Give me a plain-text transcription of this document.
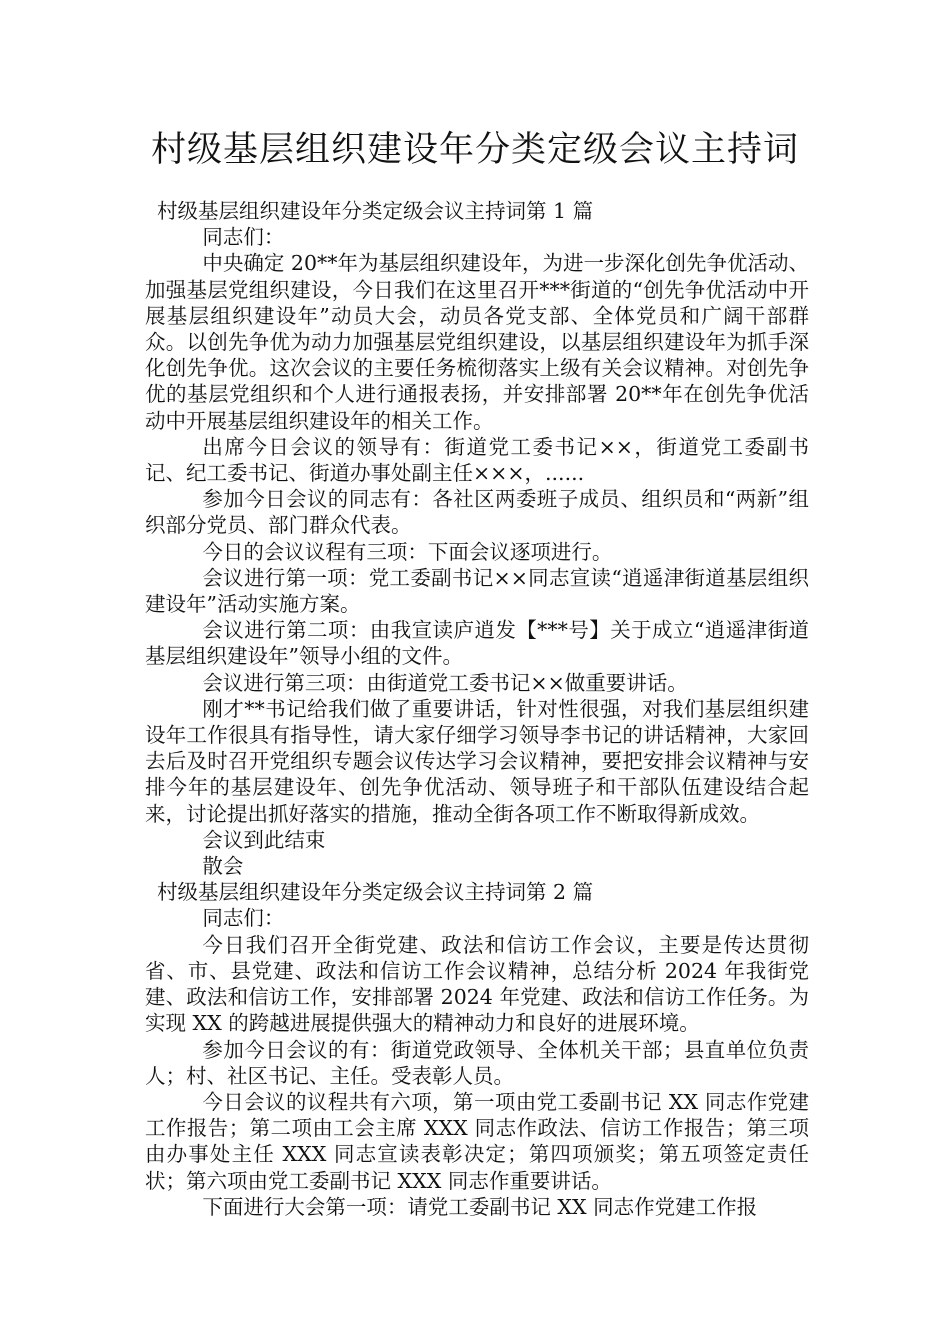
村级基层组织建设年分类定级会议主持词

村级基层组织建设年分类定级会议主持词第 1 篇

同志们：

中央确定 20**年为基层组织建设年，为进一步深化创先争优活动、加强基层党组织建设，今日我们在这里召开***街道的“创先争优活动中开展基层组织建设年”动员大会，动员各党支部、全体党员和广阔干部群众。以创先争优为动力加强基层党组织建设，以基层组织建设年为抓手深化创先争优。这次会议的主要任务梳彻落实上级有关会议精神。对创先争优的基层党组织和个人进行通报表扬，并安排部署 20**年在创先争优活动中开展基层组织建设年的相关工作。

出席今日会议的领导有：街道党工委书记××，街道党工委副书记、纪工委书记、街道办事处副主任×××，......

参加今日会议的同志有：各社区两委班子成员、组织员和“两新”组织部分党员、部门群众代表。

今日的会议议程有三项：下面会议逐项进行。

会议进行第一项：党工委副书记××同志宣读“逍遥津街道基层组织建设年”活动实施方案。

会议进行第二项：由我宣读庐逍发【***号】关于成立“逍遥津街道基层组织建设年”领导小组的文件。

会议进行第三项：由街道党工委书记××做重要讲话。

刚才**书记给我们做了重要讲话，针对性很强，对我们基层组织建设年工作很具有指导性，请大家仔细学习领导李书记的讲话精神，大家回去后及时召开党组织专题会议传达学习会议精神，要把安排会议精神与安排今年的基层建设年、创先争优活动、领导班子和干部队伍建设结合起来，讨论提出抓好落实的措施，推动全街各项工作不断取得新成效。

会议到此结束

散会

村级基层组织建设年分类定级会议主持词第 2 篇

同志们：

今日我们召开全街党建、政法和信访工作会议，主要是传达贯彻省、市、县党建、政法和信访工作会议精神，总结分析 2024 年我街党建、政法和信访工作，安排部署 2024 年党建、政法和信访工作任务。为实现 XX 的跨越进展提供强大的精神动力和良好的进展环境。

参加今日会议的有：街道党政领导、全体机关干部；县直单位负责人；村、社区书记、主任。受表彰人员。

今日会议的议程共有六项，第一项由党工委副书记 XX 同志作党建工作报告；第二项由工会主席 XXX 同志作政法、信访工作报告；第三项由办事处主任 XXX 同志宣读表彰决定；第四项颁奖；第五项签定责任状；第六项由党工委副书记 XXX 同志作重要讲话。

下面进行大会第一项：请党工委副书记 XX 同志作党建工作报
